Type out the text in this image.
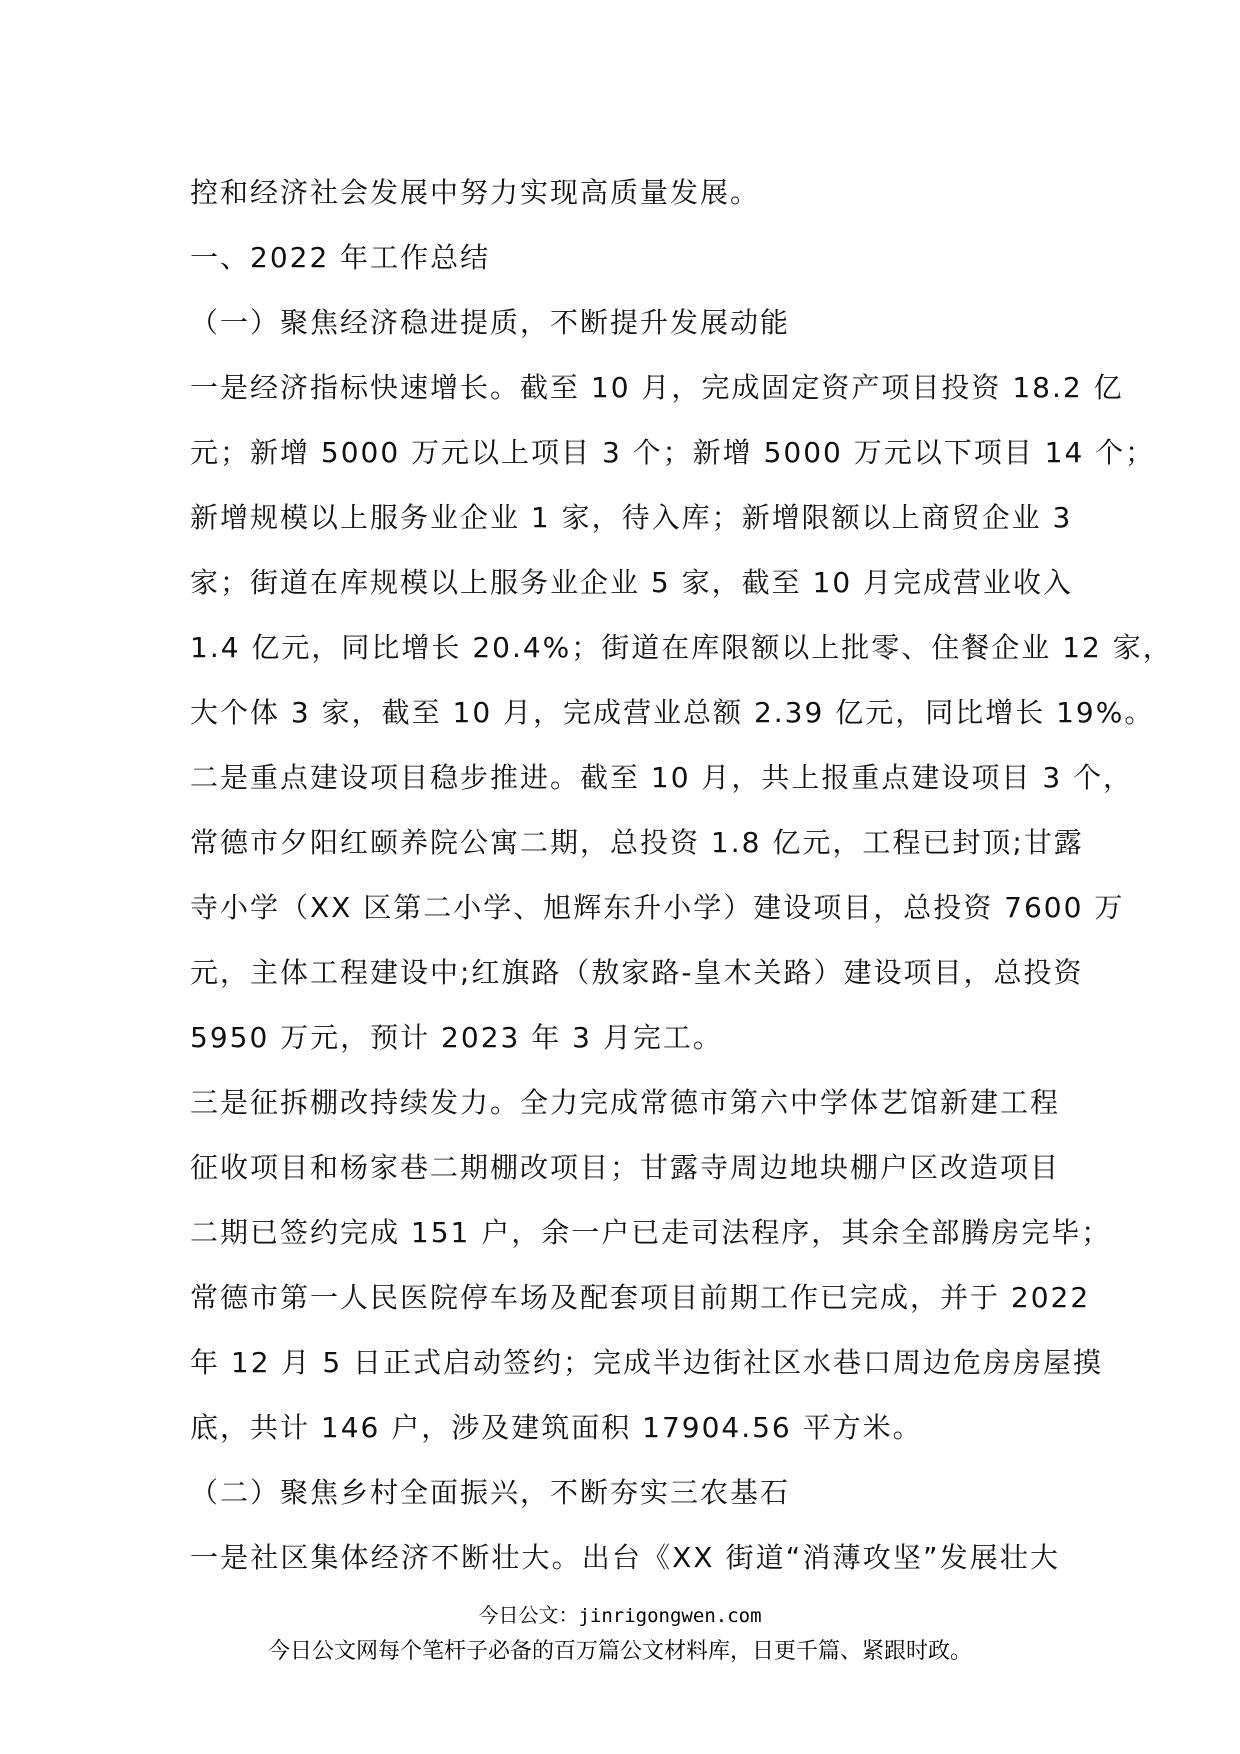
控和经济社会发展中努力实现高质量发展。
一、2022 年工作总结
（一）聚焦经济稳进提质，不断提升发展动能
一是经济指标快速增长。截至 10 月，完成固定资产项目投资 18.2 亿
元；新增 5000 万元以上项目 3 个；新增 5000 万元以下项目 14 个；
新增规模以上服务业企业 1 家，待入库；新增限额以上商贸企业 3
家；街道在库规模以上服务业企业 5 家，截至 10 月完成营业收入
1.4 亿元，同比增长 20.4%；街道在库限额以上批零、住餐企业 12 家，
大个体 3 家，截至 10 月，完成营业总额 2.39 亿元，同比增长 19%。
二是重点建设项目稳步推进。截至 10 月，共上报重点建设项目 3 个，
常德市夕阳红颐养院公寓二期，总投资 1.8 亿元，工程已封顶;甘露
寺小学（XX 区第二小学、旭辉东升小学）建设项目，总投资 7600 万
元，主体工程建设中;红旗路（敖家路-皇木关路）建设项目，总投资
5950 万元，预计 2023 年 3 月完工。
三是征拆棚改持续发力。全力完成常德市第六中学体艺馆新建工程
征收项目和杨家巷二期棚改项目；甘露寺周边地块棚户区改造项目
二期已签约完成 151 户，余一户已走司法程序，其余全部腾房完毕；
常德市第一人民医院停车场及配套项目前期工作已完成，并于 2022
年 12 月 5 日正式启动签约；完成半边街社区水巷口周边危房房屋摸
底，共计 146 户，涉及建筑面积 17904.56 平方米。
（二）聚焦乡村全面振兴，不断夯实三农基石
一是社区集体经济不断壮大。出台《XX 街道“消薄攻坚”发展壮大
今日公文：jinrigongwen.com
今日公文网每个笔杆子必备的百万篇公文材料库，日更千篇、紧跟时政。
